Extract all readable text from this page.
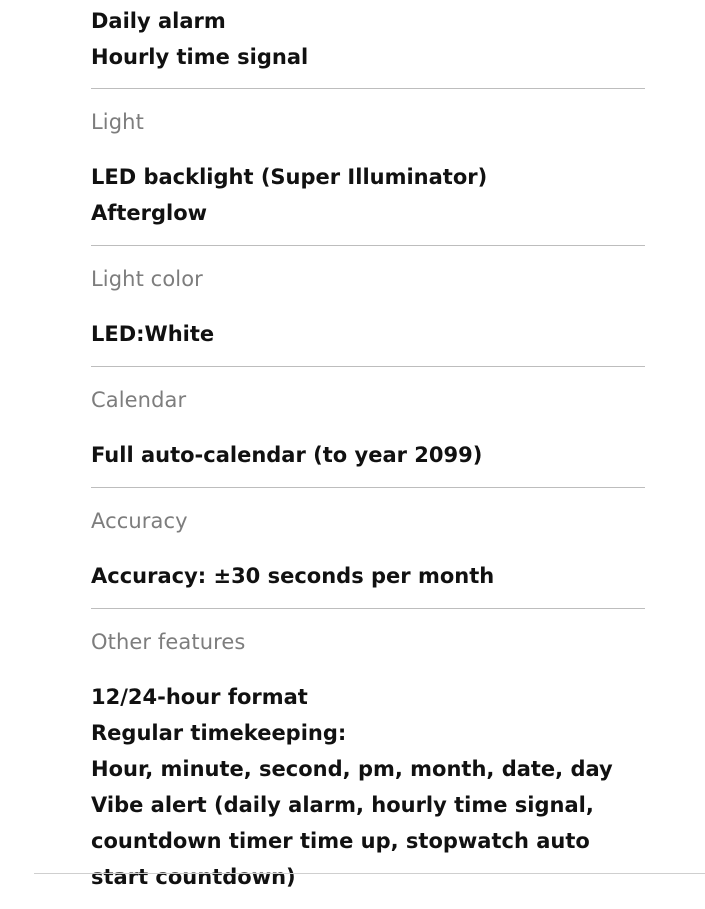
Daily alarm
Hourly time signal
Light
LED backlight (Super Illuminator)
Afterglow
Light color
LED:White
Calendar
Full auto-calendar (to year 2099)
Accuracy
Accuracy: ±30 seconds per month
Other features
12/24-hour format
Regular timekeeping:
Hour, minute, second, pm, month, date, day
Vibe alert (daily alarm, hourly time signal, countdown timer time up, stopwatch auto start countdown)
